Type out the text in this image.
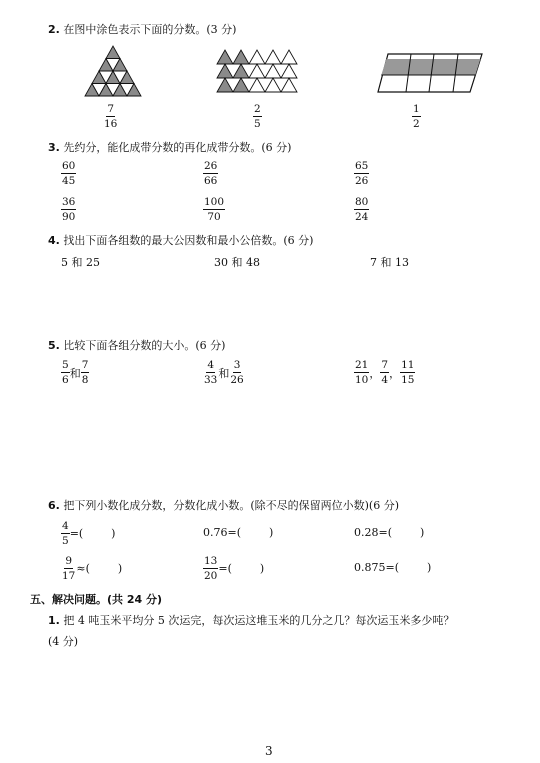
2. 在图中涂色表示下面的分数。(3 分)
$\frac{7}{16}$	$\frac{2}{5}$	$\frac{1}{2}$
3. 先约分，能化成带分数的再化成带分数。(6 分)
$\frac{60}{45}$	$\frac{26}{66}$	$\frac{65}{26}$
$\frac{36}{90}$	$\frac{100}{70}$	$\frac{80}{24}$
4. 找出下面各组数的最大公因数和最小公倍数。(6 分)
5 和 25	30 和 48	7 和 13
5. 比较下面各组分数的大小。(6 分)
$\frac{5}{6}$ 和 $\frac{7}{8}$	$\frac{4}{33}$ 和 $\frac{3}{26}$	$\frac{21}{10}$ ， $\frac{7}{4}$ ， $\frac{11}{15}$
6. 把下列小数化成分数，分数化成小数。(除不尽的保留两位小数)(6 分)
$\frac{4}{5}$ =(        )	0.76=(        )	0.28=(        )
$\frac{9}{17}$ ≈(        )	$\frac{13}{20}$ =(        )	0.875=(        )
五、解决问题。(共 24 分)
1. 把 4 吨玉米平均分 5 次运完，每次运这堆玉米的几分之几？每次运玉米多少吨？
(4 分)
3
